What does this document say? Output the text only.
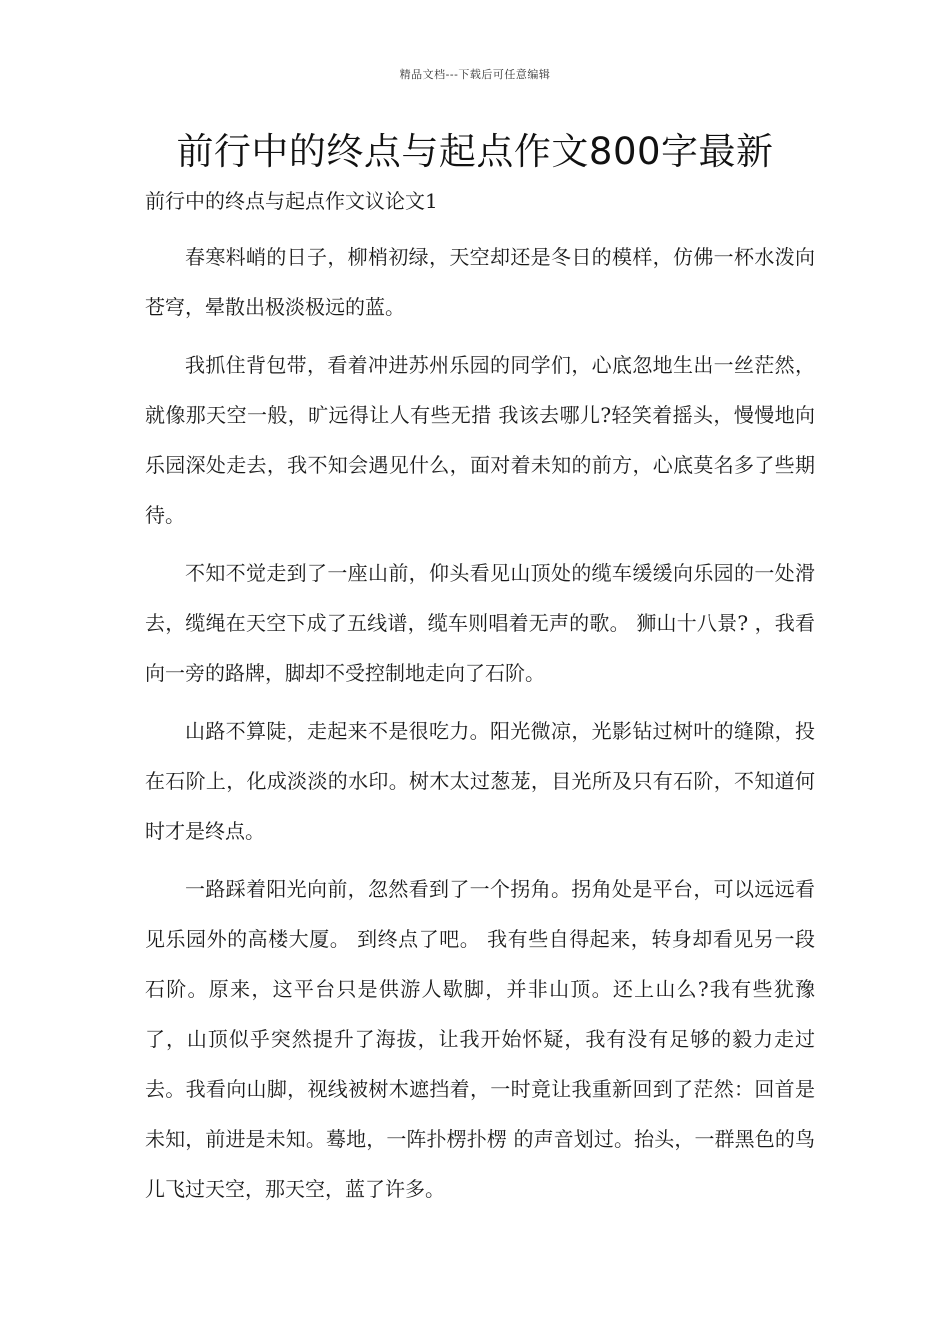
精品文档---下载后可任意编辑
前行中的终点与起点作文800字最新
前行中的终点与起点作文议论文1

春寒料峭的日子，柳梢初绿，天空却还是冬日的模样，仿佛一杯水泼向苍穹，晕散出极淡极远的蓝。

我抓住背包带，看着冲进苏州乐园的同学们，心底忽地生出一丝茫然，就像那天空一般，旷远得让人有些无措 我该去哪儿?轻笑着摇头，慢慢地向乐园深处走去，我不知会遇见什么，面对着未知的前方，心底莫名多了些期待。

不知不觉走到了一座山前，仰头看见山顶处的缆车缓缓向乐园的一处滑去，缆绳在天空下成了五线谱，缆车则唱着无声的歌。 狮山十八景? ，我看向一旁的路牌，脚却不受控制地走向了石阶。

山路不算陡，走起来不是很吃力。阳光微凉，光影钻过树叶的缝隙，投在石阶上，化成淡淡的水印。树木太过葱茏，目光所及只有石阶，不知道何时才是终点。

一路踩着阳光向前，忽然看到了一个拐角。拐角处是平台，可以远远看见乐园外的高楼大厦。 到终点了吧。 我有些自得起来，转身却看见另一段石阶。原来，这平台只是供游人歇脚，并非山顶。还上山么?我有些犹豫了，山顶似乎突然提升了海拔，让我开始怀疑，我有没有足够的毅力走过去。我看向山脚，视线被树木遮挡着，一时竟让我重新回到了茫然：回首是未知，前进是未知。蓦地，一阵扑楞扑楞 的声音划过。抬头，一群黑色的鸟儿飞过天空，那天空，蓝了许多。
